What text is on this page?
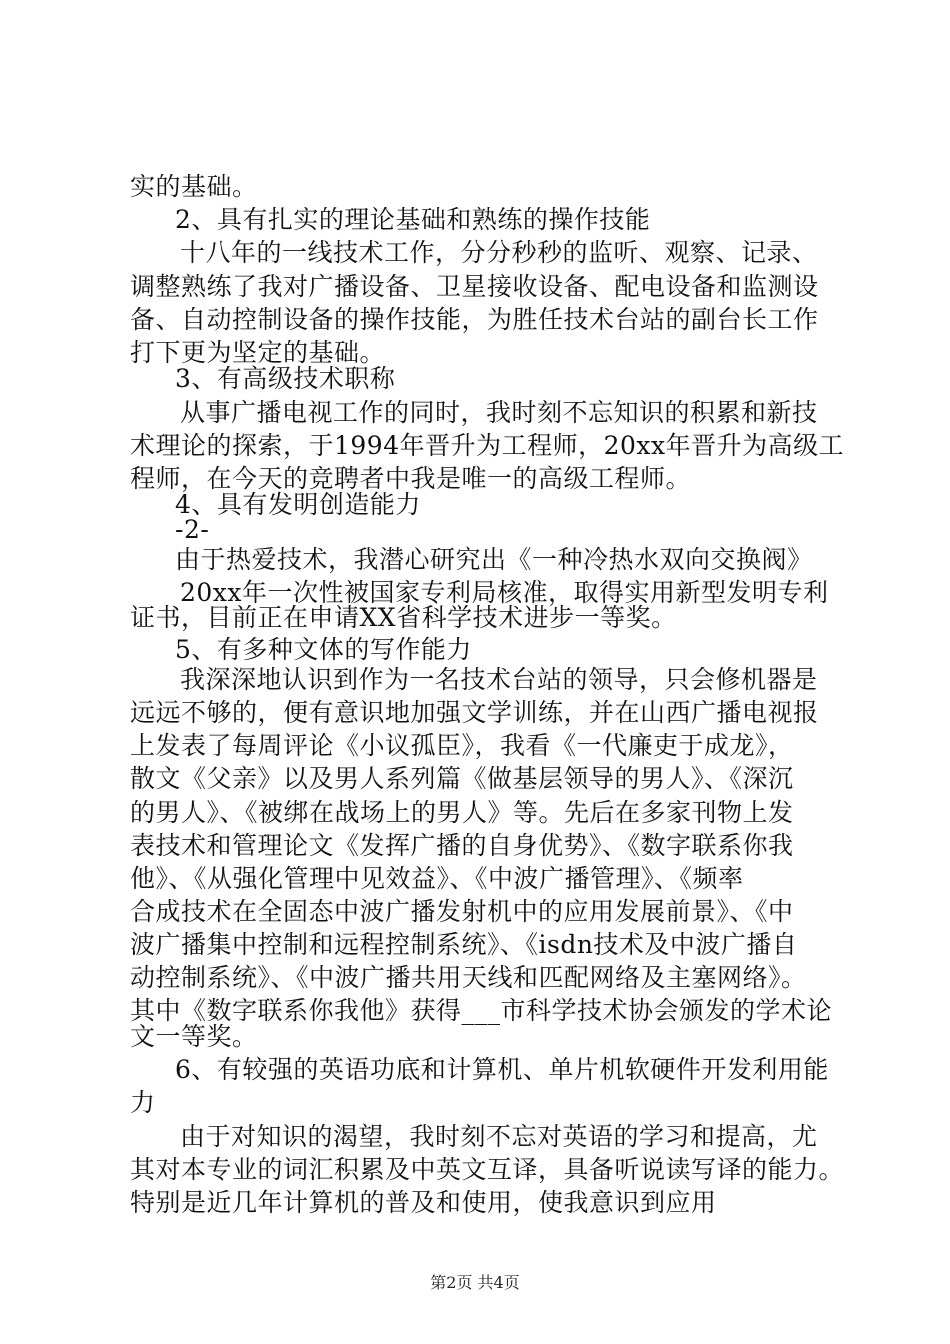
实的基础。
2、具有扎实的理论基础和熟练的操作技能
十八年的一线技术工作，分分秒秒的监听、观察、记录、
调整熟练了我对广播设备、卫星接收设备、配电设备和监测设
备、自动控制设备的操作技能，为胜任技术台站的副台长工作
打下更为坚定的基础。
3、有高级技术职称
从事广播电视工作的同时，我时刻不忘知识的积累和新技
术理论的探索，于1994年晋升为工程师，20xx年晋升为高级工
程师，在今天的竞聘者中我是唯一的高级工程师。
4、具有发明创造能力
-2-
由于热爱技术，我潜心研究出《一种冷热水双向交换阀》
20xx年一次性被国家专利局核准，取得实用新型发明专利
证书，目前正在申请XX省科学技术进步一等奖。
5、有多种文体的写作能力
我深深地认识到作为一名技术台站的领导，只会修机器是
远远不够的，便有意识地加强文学训练，并在山西广播电视报
上发表了每周评论《小议孤臣》，我看《一代廉吏于成龙》，
散文《父亲》以及男人系列篇《做基层领导的男人》、《深沉
的男人》、《被绑在战场上的男人》等。先后在多家刊物上发
表技术和管理论文《发挥广播的自身优势》、《数字联系你我
他》、《从强化管理中见效益》、《中波广播管理》、《频率
合成技术在全固态中波广播发射机中的应用发展前景》、《中
波广播集中控制和远程控制系统》、《isdn技术及中波广播自
动控制系统》、《中波广播共用天线和匹配网络及主塞网络》。
其中《数字联系你我他》获得___市科学技术协会颁发的学术论
文一等奖。
6、有较强的英语功底和计算机、单片机软硬件开发利用能
力
由于对知识的渴望，我时刻不忘对英语的学习和提高，尤
其对本专业的词汇积累及中英文互译，具备听说读写译的能力。
特别是近几年计算机的普及和使用，使我意识到应用
第2页 共4页
